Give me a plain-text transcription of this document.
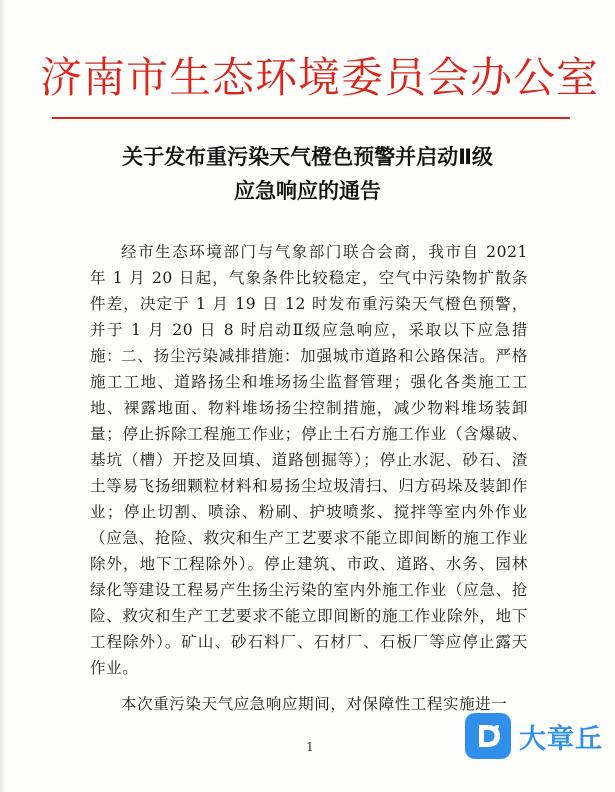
济南市生态环境委员会办公室
关于发布重污染天气橙色预警并启动Ⅱ级
应急响应的通告
经市生态环境部门与气象部门联合会商，我市自 2021 年 1 月 20 日起，气象条件比较稳定，空气中污染物扩散条件差，决定于 1 月 19 日 12 时发布重污染天气橙色预警，并于 1 月 20 日 8 时启动Ⅱ级应急响应，采取以下应急措施：
二、扬尘污染减排措施：加强城市道路和公路保洁。严格施工工地、道路扬尘和堆场扬尘监督管理；强化各类施工工地、裸露地面、物料堆场扬尘控制措施，减少物料堆场装卸量；停止拆除工程施工作业；停止土石方施工作业（含爆破、基坑（槽）开挖及回填、道路刨掘等）；停止水泥、砂石、渣土等易飞扬细颗粒材料和易扬尘垃圾清扫、归方码垛及装卸作业；停止切割、喷涂、粉刷、护坡喷浆、搅拌等室内外作业（应急、抢险、救灾和生产工艺要求不能立即间断的施工作业除外，地下工程除外）。停止建筑、市政、道路、水务、园林绿化等建设工程易产生扬尘污染的室内外施工作业（应急、抢险、救灾和生产工艺要求不能立即间断的施工作业除外，地下工程除外）。矿山、砂石料厂、石材厂、石板厂等应停止露天作业。
本次重污染天气应急响应期间，对保障性工程实施进一
1	大章丘
